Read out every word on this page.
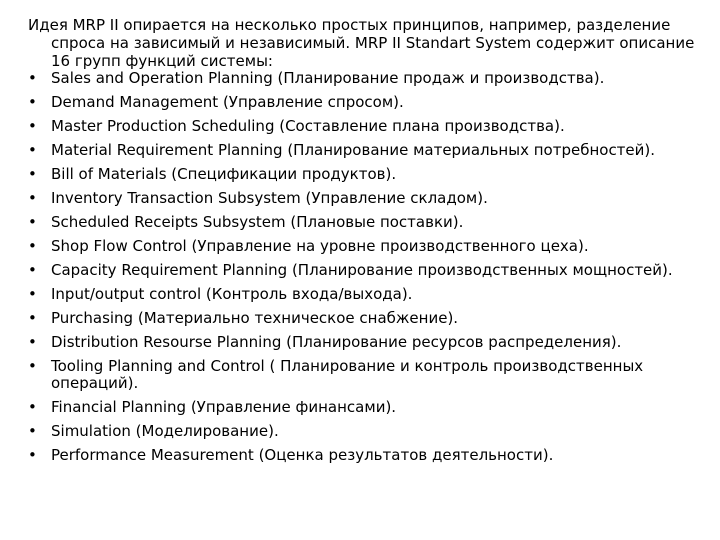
Идея MRP II опирается на несколько простых принципов, например, разделение спроса на зависимый и независимый. MRP II Standart System содержит описание 16 групп функций системы:

• Sales and Operation Planning (Планирование продаж и производства).
• Demand Management (Управление спросом).
• Master Production Scheduling (Составление плана производства).
• Material Requirement Planning (Планирование материальных потребностей).
• Bill of Materials (Спецификации продуктов).
• Inventory Transaction Subsystem (Управление складом).
• Scheduled Receipts Subsystem (Плановые поставки).
• Shop Flow Control (Управление на уровне производственного цеха).
• Capacity Requirement Planning (Планирование производственных мощностей).
• Input/output control (Контроль входа/выхода).
• Purchasing (Материально техническое снабжение).
• Distribution Resourse Planning (Планирование ресурсов распределения).
• Tooling Planning and Control ( Планирование и контроль производственных операций).
• Financial Planning (Управление финансами).
• Simulation (Моделирование).
• Performance Measurement (Оценка результатов деятельности).
